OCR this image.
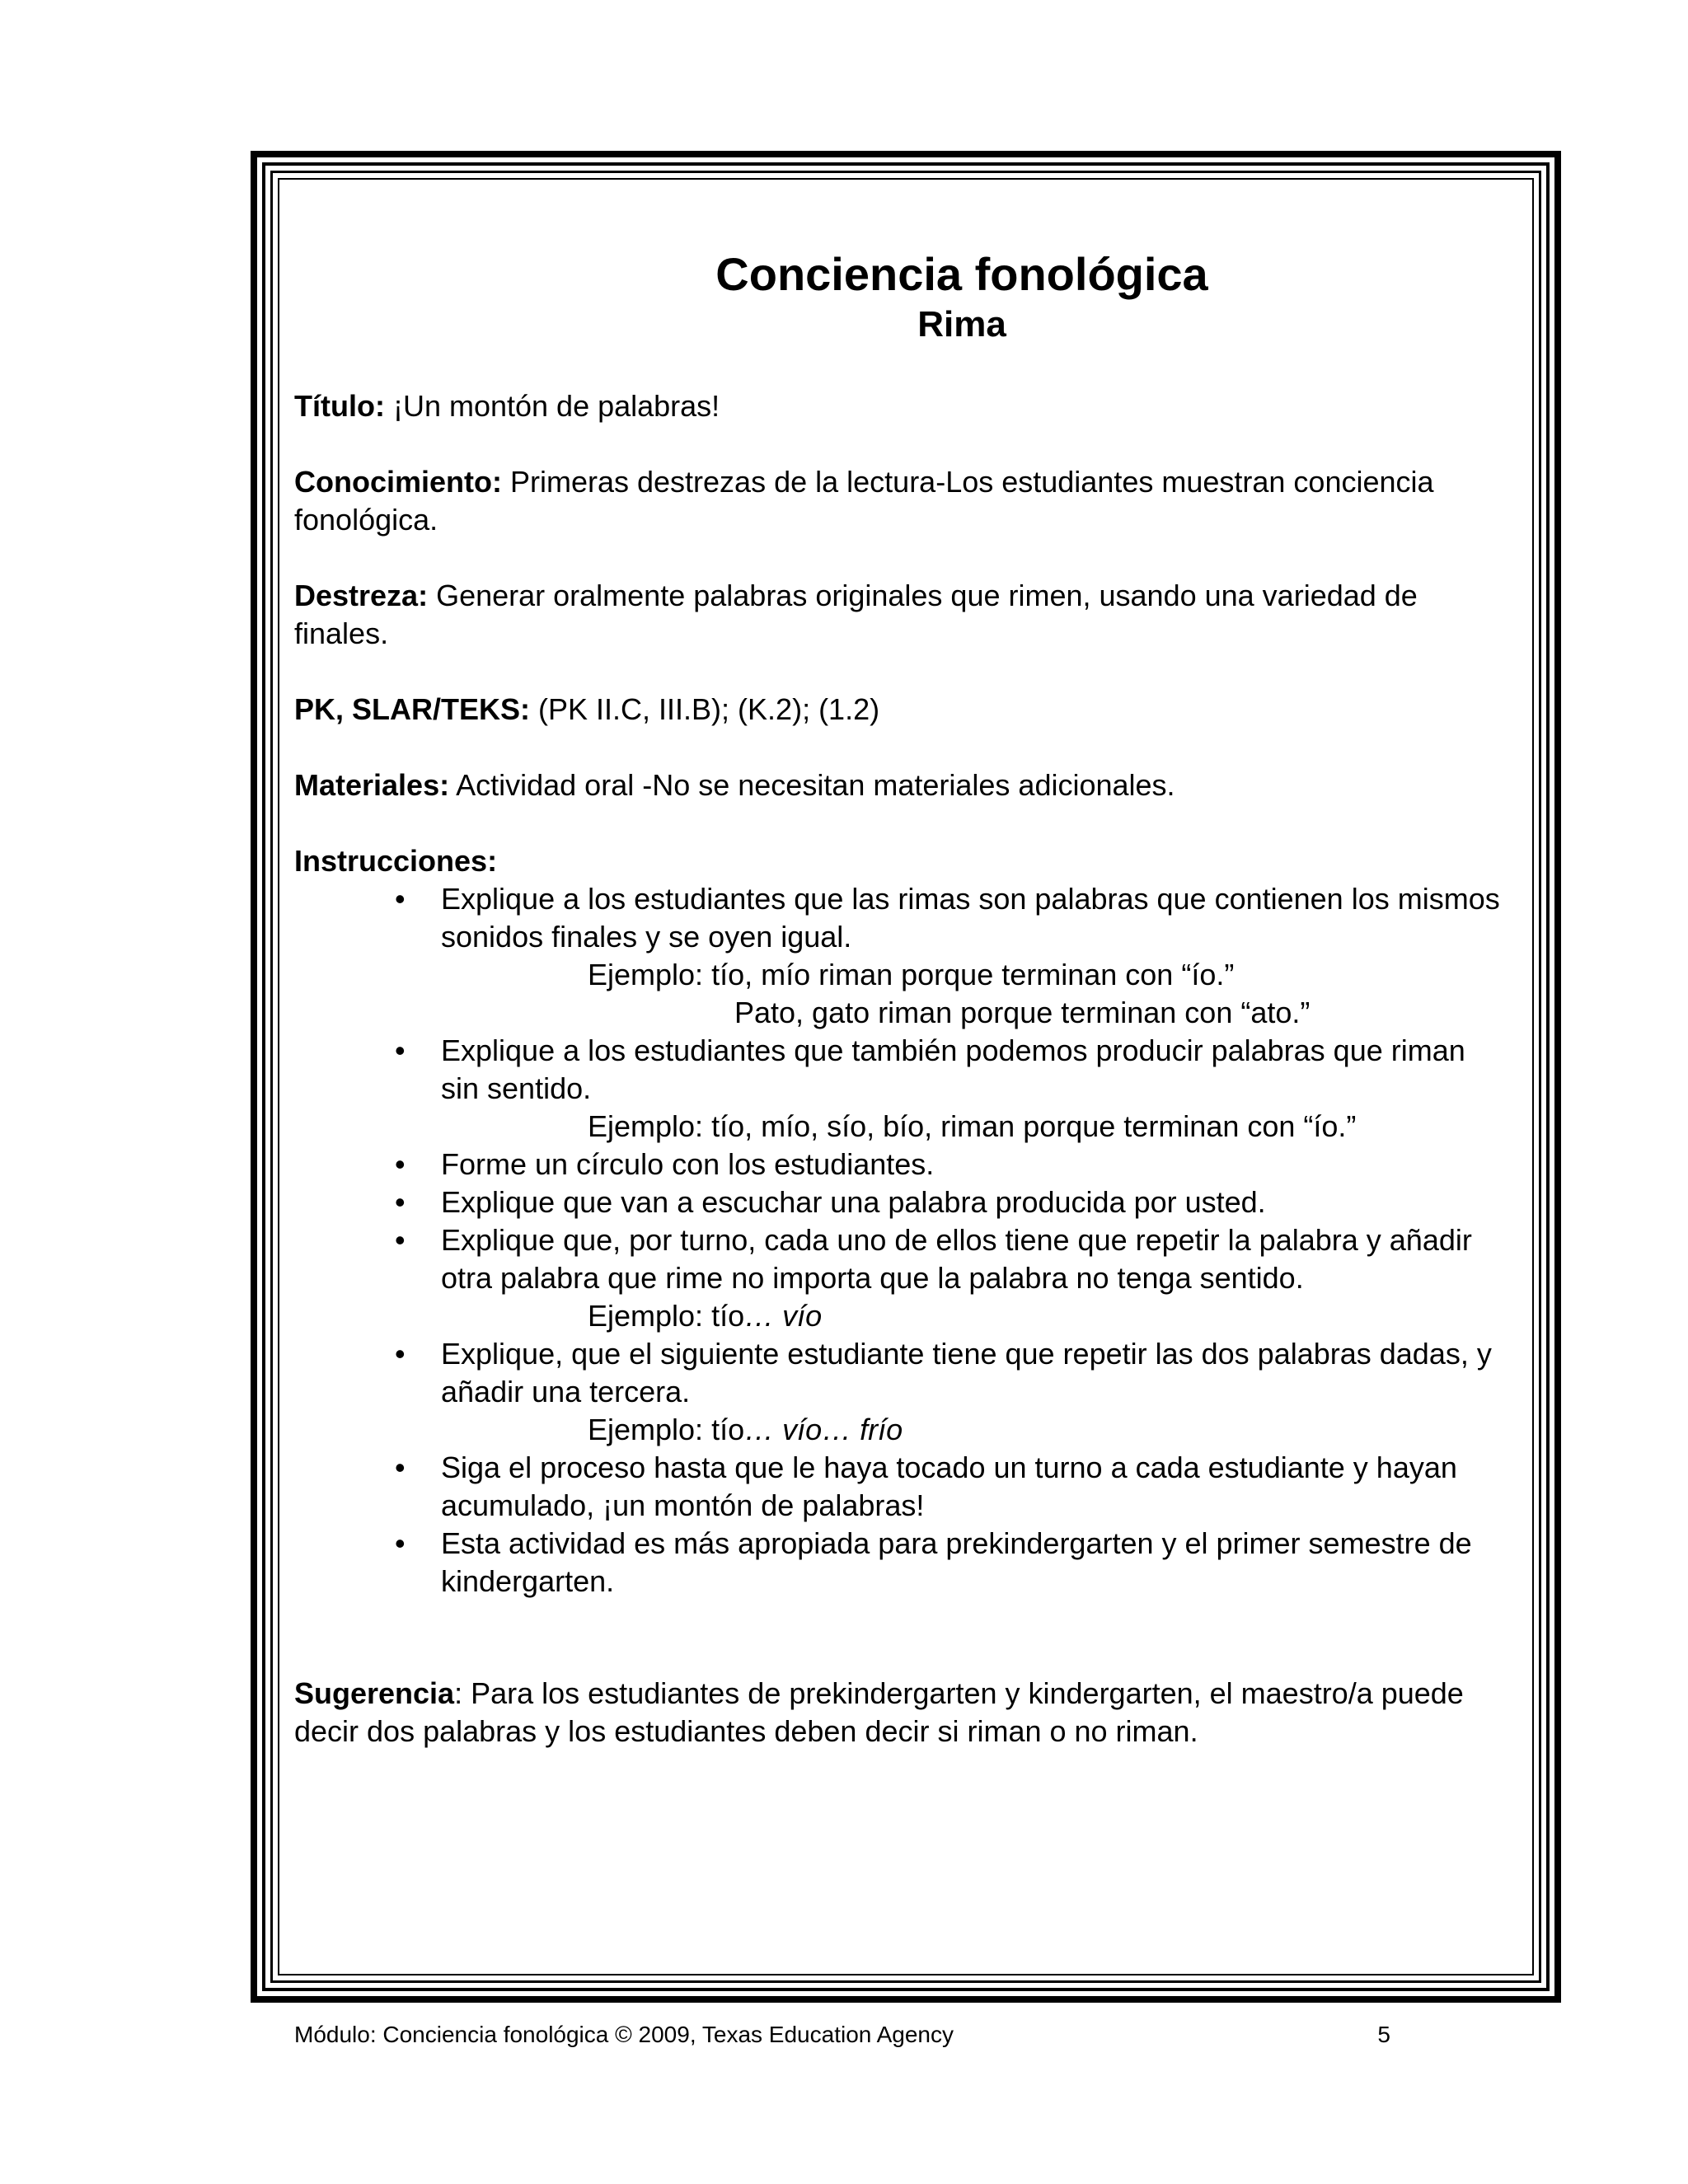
Conciencia fonológica
Rima
Título: ¡Un montón de palabras!
Conocimiento: Primeras destrezas de la lectura-Los estudiantes muestran conciencia fonológica.
Destreza: Generar oralmente palabras originales que rimen, usando una variedad de finales.
PK, SLAR/TEKS: (PK II.C, III.B); (K.2); (1.2)
Materiales: Actividad oral -No se necesitan materiales adicionales.
Instrucciones:
• Explique a los estudiantes que las rimas son palabras que contienen los mismos sonidos finales y se oyen igual.
Ejemplo: tío, mío riman porque terminan con “ío.”
Pato, gato riman porque terminan con “ato.”
• Explique a los estudiantes que también podemos producir palabras que riman sin sentido.
Ejemplo: tío, mío, sío, bío, riman porque terminan con “ío.”
• Forme un círculo con los estudiantes.
• Explique que van a escuchar una palabra producida por usted.
• Explique que, por turno, cada uno de ellos tiene que repetir la palabra y añadir otra palabra que rime no importa que la palabra no tenga sentido.
Ejemplo: tío… vío
• Explique, que el siguiente estudiante tiene que repetir las dos palabras dadas, y añadir una tercera.
Ejemplo: tío… vío… frío
• Siga el proceso hasta que le haya tocado un turno a cada estudiante y hayan acumulado, ¡un montón de palabras!
• Esta actividad es más apropiada para prekindergarten y el primer semestre de kindergarten.
Sugerencia: Para los estudiantes de prekindergarten y kindergarten, el maestro/a puede decir dos palabras y los estudiantes deben decir si riman o no riman.
Módulo: Conciencia fonológica © 2009, Texas Education Agency	5
